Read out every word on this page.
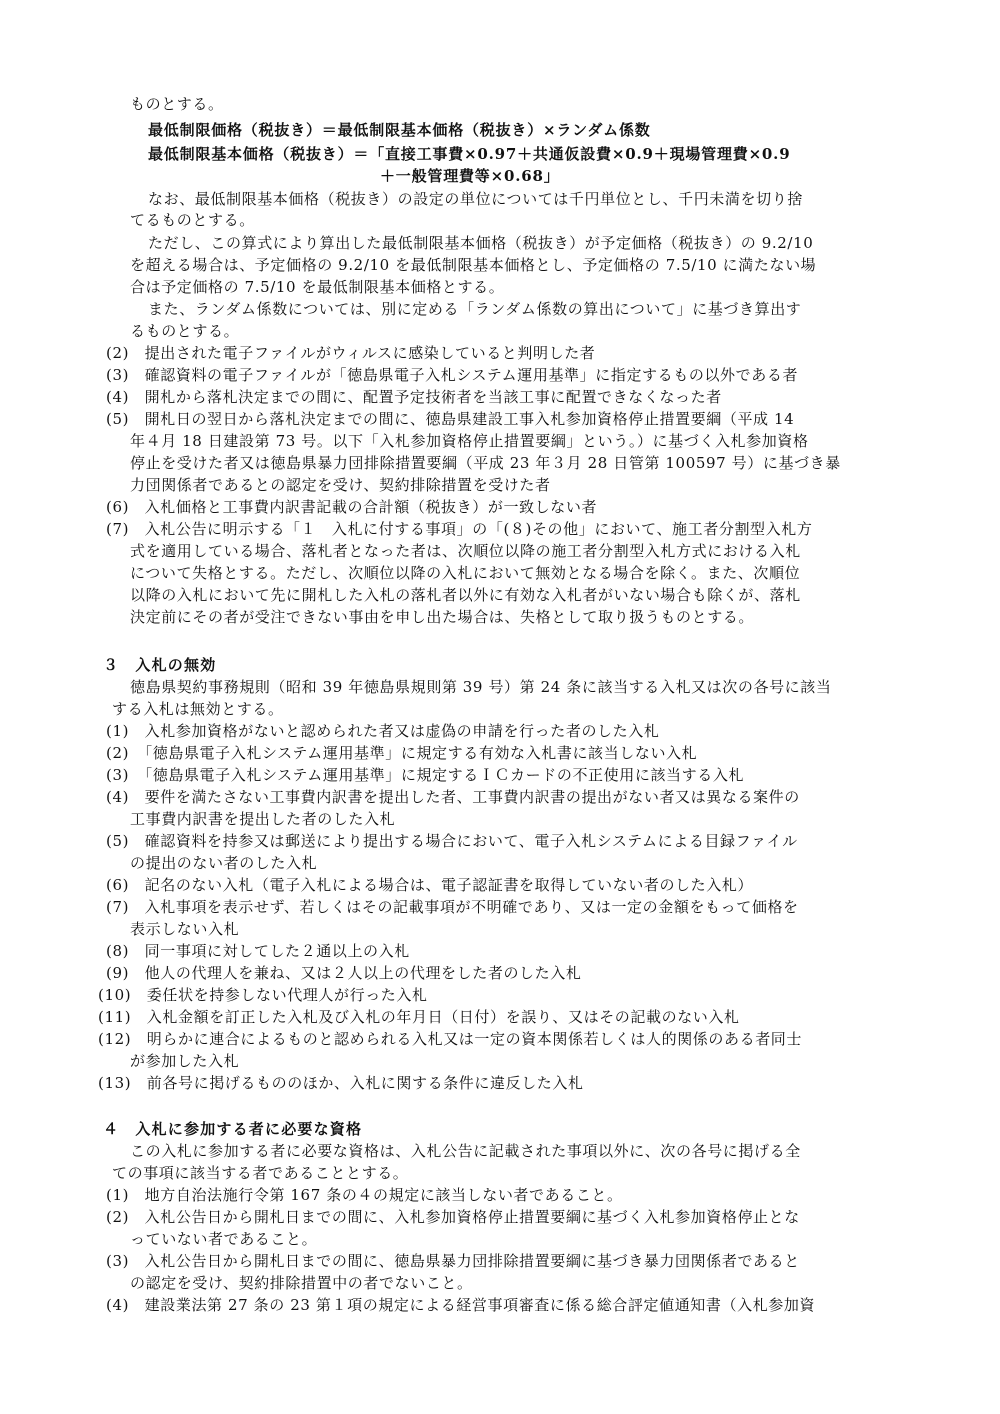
ものとする。
最低制限価格（税抜き）＝最低制限基本価格（税抜き）×ランダム係数
最低制限基本価格（税抜き）＝「直接工事費×0.97＋共通仮設費×0.9＋現場管理費×0.9
＋一般管理費等×0.68」
なお、最低制限基本価格（税抜き）の設定の単位については千円単位とし、千円未満を切り捨
てるものとする。
ただし、この算式により算出した最低制限基本価格（税抜き）が予定価格（税抜き）の 9.2/10
を超える場合は、予定価格の 9.2/10 を最低制限基本価格とし、予定価格の 7.5/10 に満たない場
合は予定価格の 7.5/10 を最低制限基本価格とする。
また、ランダム係数については、別に定める「ランダム係数の算出について」に基づき算出す
るものとする。
(2)　提出された電子ファイルがウィルスに感染していると判明した者
(3)　確認資料の電子ファイルが「徳島県電子入札システム運用基準」に指定するもの以外である者
(4)　開札から落札決定までの間に、配置予定技術者を当該工事に配置できなくなった者
(5)　開札日の翌日から落札決定までの間に、徳島県建設工事入札参加資格停止措置要綱（平成 14
年４月 18 日建設第 73 号。以下「入札参加資格停止措置要綱」という。）に基づく入札参加資格
停止を受けた者又は徳島県暴力団排除措置要綱（平成 23 年３月 28 日管第 100597 号）に基づき暴
力団関係者であるとの認定を受け、契約排除措置を受けた者
(6)　入札価格と工事費内訳書記載の合計額（税抜き）が一致しない者
(7)　入札公告に明示する「１　入札に付する事項」の「(８)その他」において、施工者分割型入札方
式を適用している場合、落札者となった者は、次順位以降の施工者分割型入札方式における入札
について失格とする。ただし、次順位以降の入札において無効となる場合を除く。また、次順位
以降の入札において先に開札した入札の落札者以外に有効な入札者がいない場合も除くが、落札
決定前にその者が受注できない事由を申し出た場合は、失格として取り扱うものとする。
３　入札の無効
徳島県契約事務規則（昭和 39 年徳島県規則第 39 号）第 24 条に該当する入札又は次の各号に該当
する入札は無効とする。
(1)　入札参加資格がないと認められた者又は虚偽の申請を行った者のした入札
(2)　「徳島県電子入札システム運用基準」に規定する有効な入札書に該当しない入札
(3)　「徳島県電子入札システム運用基準」に規定するＩＣカードの不正使用に該当する入札
(4)　要件を満たさない工事費内訳書を提出した者、工事費内訳書の提出がない者又は異なる案件の
工事費内訳書を提出した者のした入札
(5)　確認資料を持参又は郵送により提出する場合において、電子入札システムによる目録ファイル
の提出のない者のした入札
(6)　記名のない入札（電子入札による場合は、電子認証書を取得していない者のした入札）
(7)　入札事項を表示せず、若しくはその記載事項が不明確であり、又は一定の金額をもって価格を
表示しない入札
(8)　同一事項に対してした２通以上の入札
(9)　他人の代理人を兼ね、又は２人以上の代理をした者のした入札
(10)　委任状を持参しない代理人が行った入札
(11)　入札金額を訂正した入札及び入札の年月日（日付）を誤り、又はその記載のない入札
(12)　明らかに連合によるものと認められる入札又は一定の資本関係若しくは人的関係のある者同士
が参加した入札
(13)　前各号に掲げるもののほか、入札に関する条件に違反した入札
４　入札に参加する者に必要な資格
この入札に参加する者に必要な資格は、入札公告に記載された事項以外に、次の各号に掲げる全
ての事項に該当する者であることとする。
(1)　地方自治法施行令第 167 条の４の規定に該当しない者であること。
(2)　入札公告日から開札日までの間に、入札参加資格停止措置要綱に基づく入札参加資格停止とな
っていない者であること。
(3)　入札公告日から開札日までの間に、徳島県暴力団排除措置要綱に基づき暴力団関係者であると
の認定を受け、契約排除措置中の者でないこと。
(4)　建設業法第 27 条の 23 第１項の規定による経営事項審査に係る総合評定値通知書（入札参加資
